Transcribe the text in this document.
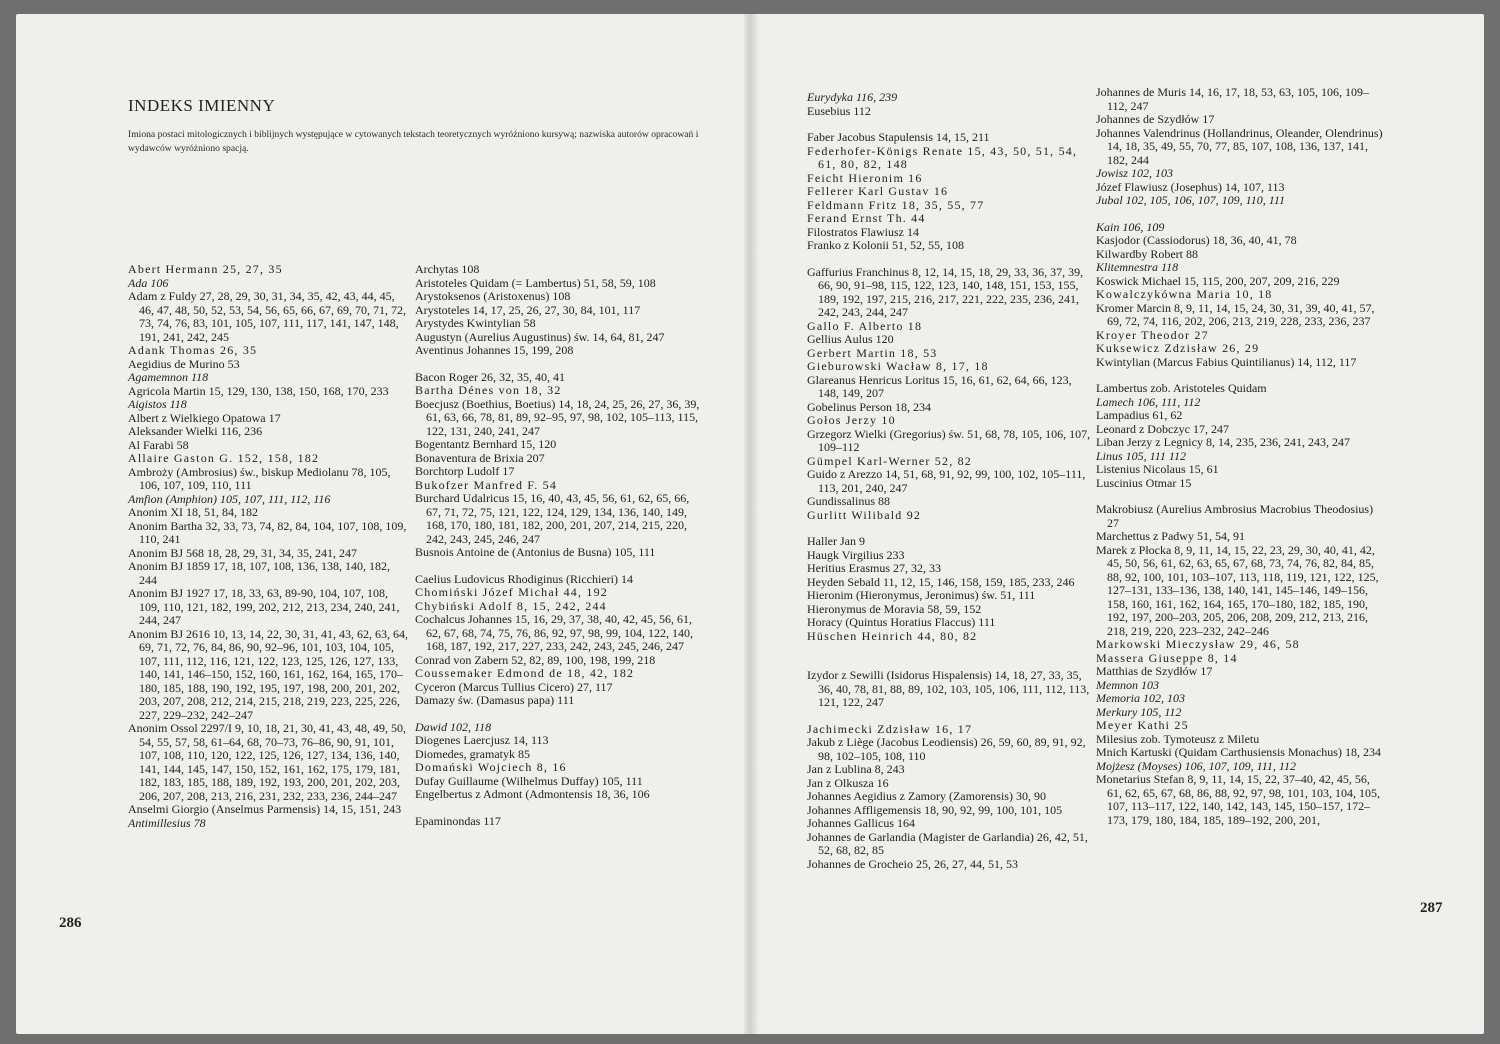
INDEKS IMIENNY
Imiona postaci mitologicznych i biblijnych występujące w cytowanych tekstach teoretycznych wyróżniono kursywą; nazwiska autorów opracowań i wydawców wyróżniono spacją.
Abert Hermann 25, 27, 35
Ada 106
Adam z Fuldy 27, 28, 29, 30, 31, 34, 35, 42, 43, 44, 45, 46, 47, 48, 50, 52, 53, 54, 56, 65, 66, 67, 69, 70, 71, 72, 73, 74, 76, 83, 101, 105, 107, 111, 117, 141, 147, 148, 191, 241, 242, 245
Adank Thomas 26, 35
Aegidius de Murino 53
Agamemnon 118
Agricola Martin 15, 129, 130, 138, 150, 168, 170, 233
Aigistos 118
Albert z Wielkiego Opatowa 17
Aleksander Wielki 116, 236
Al Farabi 58
Allaire Gaston G. 152, 158, 182
Ambroży (Ambrosius) św., biskup Mediolanu 78, 105, 106, 107, 109, 110, 111
Amfion (Amphion) 105, 107, 111, 112, 116
Anonim XI 18, 51, 84, 182
Anonim Bartha 32, 33, 73, 74, 82, 84, 104, 107, 108, 109, 110, 241
Anonim BJ 568 18, 28, 29, 31, 34, 35, 241, 247
Anonim BJ 1859 17, 18, 107, 108, 136, 138, 140, 182, 244
Anonim BJ 1927 17, 18, 33, 63, 89-90, 104, 107, 108, 109, 110, 121, 182, 199, 202, 212, 213, 234, 240, 241, 244, 247
Anonim BJ 2616 10, 13, 14, 22, 30, 31, 41, 43, 62, 63, 64, 69, 71, 72, 76, 84, 86, 90, 92–96, 101, 103, 104, 105, 107, 111, 112, 116, 121, 122, 123, 125, 126, 127, 133, 140, 141, 146–150, 152, 160, 161, 162, 164, 165, 170–180, 185, 188, 190, 192, 195, 197, 198, 200, 201, 202, 203, 207, 208, 212, 214, 215, 218, 219, 223, 225, 226, 227, 229–232, 242–247
Anonim Ossol 2297/I 9, 10, 18, 21, 30, 41, 43, 48, 49, 50, 54, 55, 57, 58, 61–64, 68, 70–73, 76–86, 90, 91, 101, 107, 108, 110, 120, 122, 125, 126, 127, 134, 136, 140, 141, 144, 145, 147, 150, 152, 161, 162, 175, 179, 181, 182, 183, 185, 188, 189, 192, 193, 200, 201, 202, 203, 206, 207, 208, 213, 216, 231, 232, 233, 236, 244–247
Anselmi Giorgio (Anselmus Parmensis) 14, 15, 151, 243
Antimillesius 78
Archytas 108
Aristoteles Quidam (= Lambertus) 51, 58, 59, 108
Arystoksenos (Aristoxenus) 108
Arystoteles 14, 17, 25, 26, 27, 30, 84, 101, 117
Arystydes Kwintylian 58
Augustyn (Aurelius Augustinus) św. 14, 64, 81, 247
Aventinus Johannes 15, 199, 208
Bacon Roger 26, 32, 35, 40, 41
Bartha Dénes von 18, 32
Boecjusz (Boethius, Boetius) 14, 18, 24, 25, 26, 27, 36, 39, 61, 63, 66, 78, 81, 89, 92–95, 97, 98, 102, 105–113, 115, 122, 131, 240, 241, 247
Bogentantz Bernhard 15, 120
Bonaventura de Brixia 207
Borchtorp Ludolf 17
Bukofzer Manfred F. 54
Burchard Udalricus 15, 16, 40, 43, 45, 56, 61, 62, 65, 66, 67, 71, 72, 75, 121, 122, 124, 129, 134, 136, 140, 149, 168, 170, 180, 181, 182, 200, 201, 207, 214, 215, 220, 242, 243, 245, 246, 247
Busnois Antoine de (Antonius de Busna) 105, 111
Caelius Ludovicus Rhodiginus (Ricchieri) 14
Chomiński Józef Michał 44, 192
Chybiński Adolf 8, 15, 242, 244
Cochalcus Johannes 15, 16, 29, 37, 38, 40, 42, 45, 56, 61, 62, 67, 68, 74, 75, 76, 86, 92, 97, 98, 99, 104, 122, 140, 168, 187, 192, 217, 227, 233, 242, 243, 245, 246, 247
Conrad von Zabern 52, 82, 89, 100, 198, 199, 218
Coussemaker Edmond de 18, 42, 182
Cyceron (Marcus Tullius Cicero) 27, 117
Damazy św. (Damasus papa) 111
Dawid 102, 118
Diogenes Laercjusz 14, 113
Diomedes, gramatyk 85
Domański Wojciech 8, 16
Dufay Guillaume (Wilhelmus Duffay) 105, 111
Engelbertus z Admont (Admontensis 18, 36, 106
Epaminondas 117
286
Eurydyka 116, 239
Eusebius 112
Faber Jacobus Stapulensis 14, 15, 211
Federhofer-Königs Renate 15, 43, 50, 51, 54, 61, 80, 82, 148
Feicht Hieronim 16
Fellerer Karl Gustav 16
Feldmann Fritz 18, 35, 55, 77
Ferand Ernst Th. 44
Filostratos Flawiusz 14
Franko z Kolonii 51, 52, 55, 108
Gaffurius Franchinus 8, 12, 14, 15, 18, 29, 33, 36, 37, 39, 66, 90, 91–98, 115, 122, 123, 140, 148, 151, 153, 155, 189, 192, 197, 215, 216, 217, 221, 222, 235, 236, 241, 242, 243, 244, 247
Gallo F. Alberto 18
Gellius Aulus 120
Gerbert Martin 18, 53
Gieburowski Wacław 8, 17, 18
Glareanus Henricus Loritus 15, 16, 61, 62, 64, 66, 123, 148, 149, 207
Gobelinus Person 18, 234
Gołos Jerzy 10
Grzegorz Wielki (Gregorius) św. 51, 68, 78, 105, 106, 107, 109–112
Gümpel Karl-Werner 52, 82
Guido z Arezzo 14, 51, 68, 91, 92, 99, 100, 102, 105–111, 113, 201, 240, 247
Gundissalinus 88
Gurlitt Wilibald 92
Haller Jan 9
Haugk Virgilius 233
Heritius Erasmus 27, 32, 33
Heyden Sebald 11, 12, 15, 146, 158, 159, 185, 233, 246
Hieronim (Hieronymus, Jeronimus) św. 51, 111
Hieronymus de Moravia 58, 59, 152
Horacy (Quintus Horatius Flaccus) 111
Hüschen Heinrich 44, 80, 82
Izydor z Sewilli (Isidorus Hispalensis) 14, 18, 27, 33, 35, 36, 40, 78, 81, 88, 89, 102, 103, 105, 106, 111, 112, 113, 121, 122, 247
Jachimecki Zdzisław 16, 17
Jakub z Liège (Jacobus Leodiensis) 26, 59, 60, 89, 91, 92, 98, 102–105, 108, 110
Jan z Lublina 8, 243
Jan z Olkusza 16
Johannes Aegidius z Zamory (Zamorensis) 30, 90
Johannes Affligemensis 18, 90, 92, 99, 100, 101, 105
Johannes Gallicus 164
Johannes de Garlandia (Magister de Garlandia) 26, 42, 51, 52, 68, 82, 85
Johannes de Grocheio 25, 26, 27, 44, 51, 53
Johannes de Muris 14, 16, 17, 18, 53, 63, 105, 106, 109–112, 247
Johannes de Szydłów 17
Johannes Valendrinus (Hollandrinus, Oleander, Olendrinus) 14, 18, 35, 49, 55, 70, 77, 85, 107, 108, 136, 137, 141, 182, 244
Jowisz 102, 103
Józef Flawiusz (Josephus) 14, 107, 113
Jubal 102, 105, 106, 107, 109, 110, 111
Kain 106, 109
Kasjodor (Cassiodorus) 18, 36, 40, 41, 78
Kilwardby Robert 88
Klitemnestra 118
Koswick Michael 15, 115, 200, 207, 209, 216, 229
Kowalczykówna Maria 10, 18
Kromer Marcin 8, 9, 11, 14, 15, 24, 30, 31, 39, 40, 41, 57, 69, 72, 74, 116, 202, 206, 213, 219, 228, 233, 236, 237
Kroyer Theodor 27
Kuksewicz Zdzisław 26, 29
Kwintylian (Marcus Fabius Quintilianus) 14, 112, 117
Lambertus zob. Aristoteles Quidam
Lamech 106, 111, 112
Lampadius 61, 62
Leonard z Dobczyc 17, 247
Liban Jerzy z Legnicy 8, 14, 235, 236, 241, 243, 247
Linus 105, 111 112
Listenius Nicolaus 15, 61
Luscinius Otmar 15
Makrobiusz (Aurelius Ambrosius Macrobius Theodosius) 27
Marchettus z Padwy 51, 54, 91
Marek z Płocka 8, 9, 11, 14, 15, 22, 23, 29, 30, 40, 41, 42, 45, 50, 56, 61, 62, 63, 65, 67, 68, 73, 74, 76, 82, 84, 85, 88, 92, 100, 101, 103–107, 113, 118, 119, 121, 122, 125, 127–131, 133–136, 138, 140, 141, 145–146, 149–156, 158, 160, 161, 162, 164, 165, 170–180, 182, 185, 190, 192, 197, 200–203, 205, 206, 208, 209, 212, 213, 216, 218, 219, 220, 223–232, 242–246
Markowski Mieczysław 29, 46, 58
Massera Giuseppe 8, 14
Matthias de Szydłów 17
Memnon 103
Memoria 102, 103
Merkury 105, 112
Meyer Kathi 25
Milesius zob. Tymoteusz z Miletu
Mnich Kartuski (Quidam Carthusiensis Monachus) 18, 234
Mojżesz (Moyses) 106, 107, 109, 111, 112
Monetarius Stefan 8, 9, 11, 14, 15, 22, 37–40, 42, 45, 56, 61, 62, 65, 67, 68, 86, 88, 92, 97, 98, 101, 103, 104, 105, 107, 113–117, 122, 140, 142, 143, 145, 150–157, 172–173, 179, 180, 184, 185, 189–192, 200, 201,
287
